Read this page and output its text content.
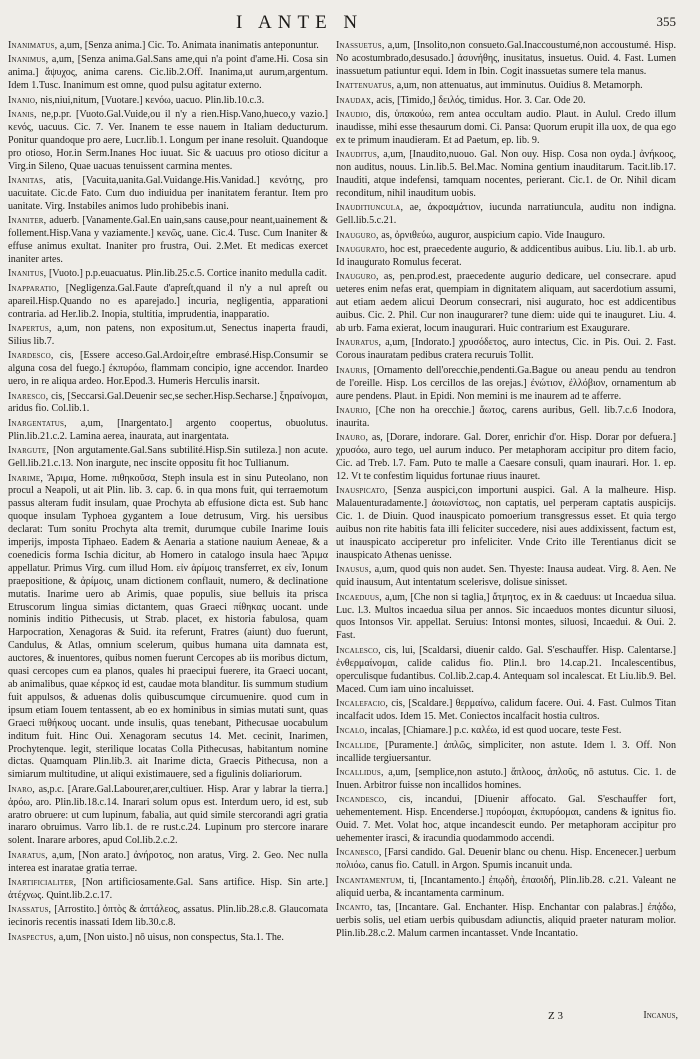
I ANTE N	355

Inanimatus, a,um, [Senza anima.] Cic. To. Animata inanimatis anteponuntur.

Inanimus, a,um, [Senza anima.Gal.Sans ame,qui n'a point d'ame.Hi. Cosa sin anima.] ἄψυχος, anima carens. Cic.lib.2.Off. Inanima,ut aurum,argentum. Idem 1.Tusc. Inanimum est omne, quod pulsu agitatur externo.

Inanio, nis,niui,nitum, [Vuotare.] κενόω, uacuo. Plin.lib.10.c.3.

Inanis, ne,p.pr. [Vuoto.Gal.Vuide,ou il n'y a rien.Hisp.Vano,hueco,y vazio.] κενός, uacuus. Cic. 7. Ver. Inanem te esse nauem in Italiam deducturum. Ponitur quandoque pro aere, Lucr.lib.1. Longum per inane resoluit. Quandoque pro otioso, Hor.in Serm.Inanes Hoc iuuat. Sic & uacuus pro otioso dicitur a Virg.in Sileno, Quae uacuas tenuissent carmina mentes.

Inanitas, atis, [Vacuita,uanita.Gal.Vuidange.His.Vanidad.] κενότης, pro uacuitate. Cic.de Fato. Cum duo indiuidua per inanitatem ferantur. Item pro uanitate. Virg. Instabiles animos ludo prohibebis inani.

Inaniter, aduerb. [Vanamente.Gal.En uain,sans cause,pour neant,uainement & follement.Hisp.Vana y vaziamente.] κενῶς, uane. Cic.4. Tusc. Cum Inaniter & effuse animus exultat. Inaniter pro frustra, Oui. 2.Met. Et medicas exercet inaniter artes.

Inanitus, [Vuoto.] p.p.euacuatus. Plin.lib.25.c.5. Cortice inanito medulla cadit.

Inapparatio, [Negligenza.Gal.Faute d'apreſt,quand il n'y a nul apreſt ou apareil.Hisp.Quando no es aparejado.] incuria, negligentia, apparationi contraria. ad Her.lib.2. Inopia, stultitia, imprudentia, inapparatio.

Inapertus, a,um, non patens, non expositum.ut, Senectus inaperta fraudi, Silius lib.7.

Inardesco, cis, [Essere acceso.Gal.Ardoir,eſtre embrasé.Hisp.Consumir se alguna cosa del fuego.] ἐκπυρόω, flammam concipio, igne accendor. Inardeo uero, in re aliqua ardeo. Hor.Epod.3. Humeris Herculis inarsit.

Inaresco, cis, [Seccarsi.Gal.Deuenir sec,se secher.Hisp.Secharse.] ξηραίνομαι, aridus fio. Col.lib.1.

Inargentatus, a,um, [Inargentato.] argento coopertus, obuolutus. Plin.lib.21.c.2. Lamina aerea, inaurata, aut inargentata.

Inargute, [Non argutamente.Gal.Sans subtilité.Hisp.Sin sutileza.] non acute. Gell.lib.21.c.13. Non inargute, nec inscite oppositu fit hoc Tullianum.

Inarime, Ἄριμα, Home. πιθηκοῦσα, Steph insula est in sinu Puteolano, non procul a Neapoli, ut ait Plin. lib. 3. cap. 6. in qua mons fuit, qui terraemotum passus alteram fudit insulam, quae Prochyta ab effusione dicta est. Sub hanc quoque insulam Typhoea gygantem a Ioue detrusum, Virg. his uersibus declarat: Tum sonitu Prochyta alta tremit, durumque cubile Inarime Iouis imperijs, imposta Tiphaeo. Eadem & Aenaria a statione nauium Aeneae, & a coenedicis forma Ischia dicitur, ab Homero in catalogo insula haec Ἄριμα appellatur. Primus Virg. cum illud Hom. εἰν ἀρίμοις transferret, ex εἰν, Ionum praepositione, & ἀρίμοις, unam dictionem conflauit, numero, & declinatione mutatis. Inarime uero ab Arimis, quae populis, siue belluis ita prisca Etruscorum lingua simias dictantem, quas Graeci πίθηκας uocant. unde nominis inditio Pithecusis, ut Strab. placet, ex historia fabulosa, quam Harpocration, Xenagoras & Suid. ita referunt, Fratres (aiunt) duo fuerunt, Candulus, & Atlas, omnium scelerum, quibus humana uita damnata est, auctores, & inuentores, quibus nomen fuerunt Cercopes ab iis moribus dictum, quasi cercopes cum ea planos, quales hi praecipui fuerere, ita Graeci uocant, ab animalibus, quae κέρκος id est, caudae mota blanditur. Iis summum studium fuit appulsos, & aduenas dolis quibuscumque circumuenire. quod cum in ipsum etiam Iouem tentassent, ab eo ex hominibus in simias mutati sunt, quas Graeci πιθήκους uocant. unde insulis, quas tenebant, Pithecusae uocabulum inditum fuit. Hinc Oui. Xenagoram secutus 14. Met. cecinit, Inarimen, Prochytenque. legit, sterilique locatas Colla Pithecusas, habitantum nomine dictas. Quamquam Plin.lib.3. ait Inarime dicta, Graecis Pithecusa, non a simiarum multitudine, ut aliqui existimauere, sed a figulinis doliariorum.

Inaro, as,p.c. [Arare.Gal.Labourer,arer,cultiuer. Hisp. Arar y labrar la tierra.] ἀρόω, aro. Plin.lib.18.c.14. Inarari solum opus est. Interdum uero, id est, sub aratro obruere: ut cum lupinum, fabalia, aut quid simile stercorandi agri gratia inararo obruimus. Varro lib.1. de re rust.c.24. Lupinum pro stercore inarare solent. Inarare arbores, apud Col.lib.2.c.2.

Inaratus, a,um, [Non arato.] ἀνήροτος, non aratus, Virg. 2. Geo. Nec nulla interea est inaratae gratia terrae.

Inartificialiter, [Non artificiosamente.Gal. Sans artifice. Hisp. Sin arte.] ἀτέχνως. Quint.lib.2.c.17.

Inassatus, [Arrostito.] ὀπτὸς & ἀπτάλεος, assatus. Plin.lib.28.c.8. Glaucomata iecinoris recentis inassati Idem lib.30.c.8.

Inaspectus, a,um, [Non uisto.] nō uisus, non conspectus, Sta.1. The.

Inassuetus, a,um, [Insolito,non consueto.Gal.Inaccoustumé,non accoustumé. Hisp. No acostumbrado,desusado.] ἀσυνήθης, inusitatus, insuetus. Ouid. 4. Fast. Lumen inassuetum patiuntur equi. Idem in Ibin. Cogit inassuetas sumere tela manus.

Inattenuatus, a,um, non attenuatus, aut imminutus. Ouidius 8. Metamorph.

Inaudax, acis, [Timido,] δειλός, timidus. Hor. 3. Car. Ode 20.

Inaudio, dis, ὑπακούω, rem antea occultam audio. Plaut. in Aulul. Credo illum inaudisse, mihi esse thesaurum domi. Ci. Pansa: Quorum erupit illa uox, de qua ego ex te primum inaudieram. Et ad Paetum, ep. lib. 9.

Inauditus, a,um, [Inaudito,nuouo. Gal. Non ouy. Hisp. Cosa non oyda.] ἀνήκοος, non auditus, nouus. Lin.lib.5. Bel.Mac. Nomina gentium inauditarum. Tacit.lib.17. Inauditi, atque indefensi, tamquam nocentes, perierant. Cic.1. de Or. Nihil dicam reconditum, nihil inauditum uobis.

Inauditiuncula, ae, ἀκροαμάτιον, iucunda narratiuncula, auditu non indigna. Gell.lib.5.c.21.

Inauguro, as, ὀρνιθεύω, auguror, auspicium capio. Vide Inauguro.

Inaugurato, hoc est, praecedente augurio, & addicentibus auibus. Liu. lib.1. ab urb. Id inaugurato Romulus fecerat.

Inauguro, as, pen.prod.est, praecedente augurio dedicare, uel consecrare. apud ueteres enim nefas erat, quempiam in dignitatem aliquam, aut sacerdotium assumi, aut etiam aedem alicui Deorum consecrari, nisi augurato, hoc est addicentibus auibus. Cic. 2. Phil. Cur non inaugurarer? tune diem: uide qui te inauguret. Liu. 4. ab urb. Fama exierat, locum inaugurari. Huic contrarium est Exaugurare.

Inauratus, a,um, [Indorato.] χρυσόδετος, auro intectus, Cic. in Pis. Oui. 2. Fast. Corous inauratam pedibus cratera recuruis Tollit.

Inauris, [Ornamento dell'orecchie,pendenti.Ga.Bague ou aneau pendu au tendron de l'oreille. Hisp. Los cercillos de las orejas.] ἐνώτιον, ἐλλόβιον, ornamentum ab aure pendens. Plaut. in Epidi. Non memini is me inaurem ad te afferre.

Inaurio, [Che non ha orecchie.] ἄωτος, carens auribus, Gell. lib.7.c.6 Inodora, inaurita.

Inauro, as, [Dorare, indorare. Gal. Dorer, enrichir d'or. Hisp. Dorar por defuera.] χρυσόω, auro tego, uel aurum induco. Per metaphoram accipitur pro ditem facio, Cic. ad Treb. l.7. Fam. Puto te malle a Caesare consuli, quam inaurari. Hor. 1. ep. 12. Vt te confestim liquidus fortunae riuus inauret.

Inauspicato, [Senza auspici,con importuni auspici. Gal. A la malheure. Hisp. Malauenturadamente.] ἀοιωνίστως, non captatis, uel perperam captatis auspicijs. Cic. 1. de Diuin. Quod inauspicato pomoerium transgressus esset. Et quia tergo auibus non rite habitis fata illi feliciter succedere, nisi aues addixissent, factum est, ut inauspicato acciperetur pro infeliciter. Vnde Crito ille Terentianus dicit se inauspicato Athenas uenisse.

Inausus, a,um, quod quis non audet. Sen. Thyeste: Inausa audeat. Virg. 8. Aen. Ne quid inausum, Aut intentatum scelerisve, dolisue sinisset.

Incaeduus, a,um, [Che non si taglia,] ἄτμητος, ex in & caeduus: ut Incaedua silua. Luc. l.3. Multos incaedua silua per annos. Sic incaeduos montes dicuntur siluosi, quos Intonsos Vir. appellat. Seruius: Intonsi montes, siluosi, Incaedui. & Oui. 2. Fast.

Incalesco, cis, lui, [Scaldarsi, diuenir caldo. Gal. S'eschauffer. Hisp. Calentarse.] ἐνθερμαίνομαι, calide calidus fio. Plin.l. bro 14.cap.21. Incalescentibus, operculisque fudantibus. Col.lib.2.cap.4. Antequam sol incalescat. Et Liu.lib.9. Bel. Maced. Cum iam uino incaluisset.

Incalefacio, cis, [Scaldare.] θερμαίνω, calidum facere. Oui. 4. Fast. Culmos Titan incalfacit udos. Idem 15. Met. Coniectos incalfacit hostia cultros.

Incalo, incalas, [Chiamare.] p.c. καλέω, id est quod uocare, teste Fest.

Incallide, [Puramente.] ἀπλῶς, simpliciter, non astute. Idem l. 3. Off. Non incallide tergiuersantur.

Incallidus, a,um, [semplice,non astuto.] ἄπλοος, ἁπλοῦς, nō astutus. Cic. 1. de Inuen. Arbitror fuisse non incallidos homines.

Incandesco, cis, incandui, [Diuenir affocato. Gal. S'eschauffer fort, uehementement. Hisp. Encenderse.] πυρόομαι, ἐκπυρόομαι, candens & ignitus fio. Ouid. 7. Met. Volat hoc, atque incandescit eundo. Per metaphoram accipitur pro uehementer irasci, & iracundia quodammodo accendi.

Incanesco, [Farsi candido. Gal. Deuenir blanc ou chenu. Hisp. Encenecer.] uerbum πολιόω, canus fio. Catull. in Argon. Spumis incanuit unda.

Incantamentum, ti, [Incantamento.] ἐπῳδὴ, ἐπαοιδή, Plin.lib.28. c.21. Valeant ne aliquid uerba, & incantamenta carminum.

Incanto, tas, [Incantare. Gal. Enchanter. Hisp. Enchantar con palabras.] ἐπᾴδω, uerbis solis, uel etiam uerbis quibusdam adiunctis, aliquid praeter naturam molior. Plin.lib.28.c.2. Malum carmen incantasset. Vnde Incantatio.

Z 3	Incanus,
